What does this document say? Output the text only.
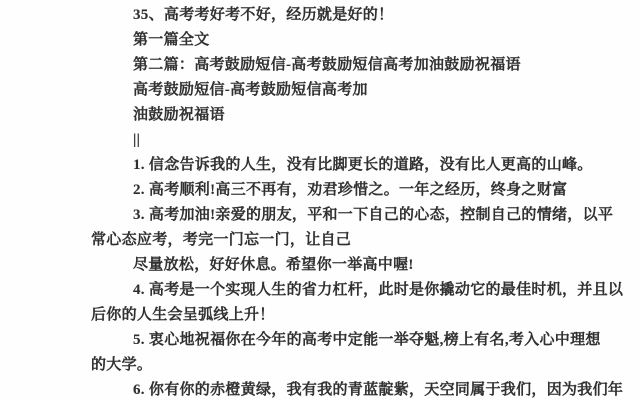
35、高考考好考不好，经历就是好的！
第一篇全文
第二篇：高考鼓励短信-高考鼓励短信高考加油鼓励祝福语
高考鼓励短信-高考鼓励短信高考加
油鼓励祝福语
||
1. 信念告诉我的人生，没有比脚更长的道路，没有比人更高的山峰。
2. 高考顺利!高三不再有，劝君珍惜之。一年之经历，终身之财富
3. 高考加油!亲爱的朋友，平和一下自己的心态，控制自己的情绪，以平
常心态应考，考完一门忘一门，让自己
尽量放松，好好休息。希望你一举高中喔!
4. 高考是一个实现人生的省力杠杆，此时是你撬动它的最佳时机，并且以
后你的人生会呈弧线上升！
5. 衷心地祝福你在今年的高考中定能一举夺魁,榜上有名,考入心中理想
的大学。
6. 你有你的赤橙黄绿，我有我的青蓝靛紫，天空同属于我们，因为我们年
